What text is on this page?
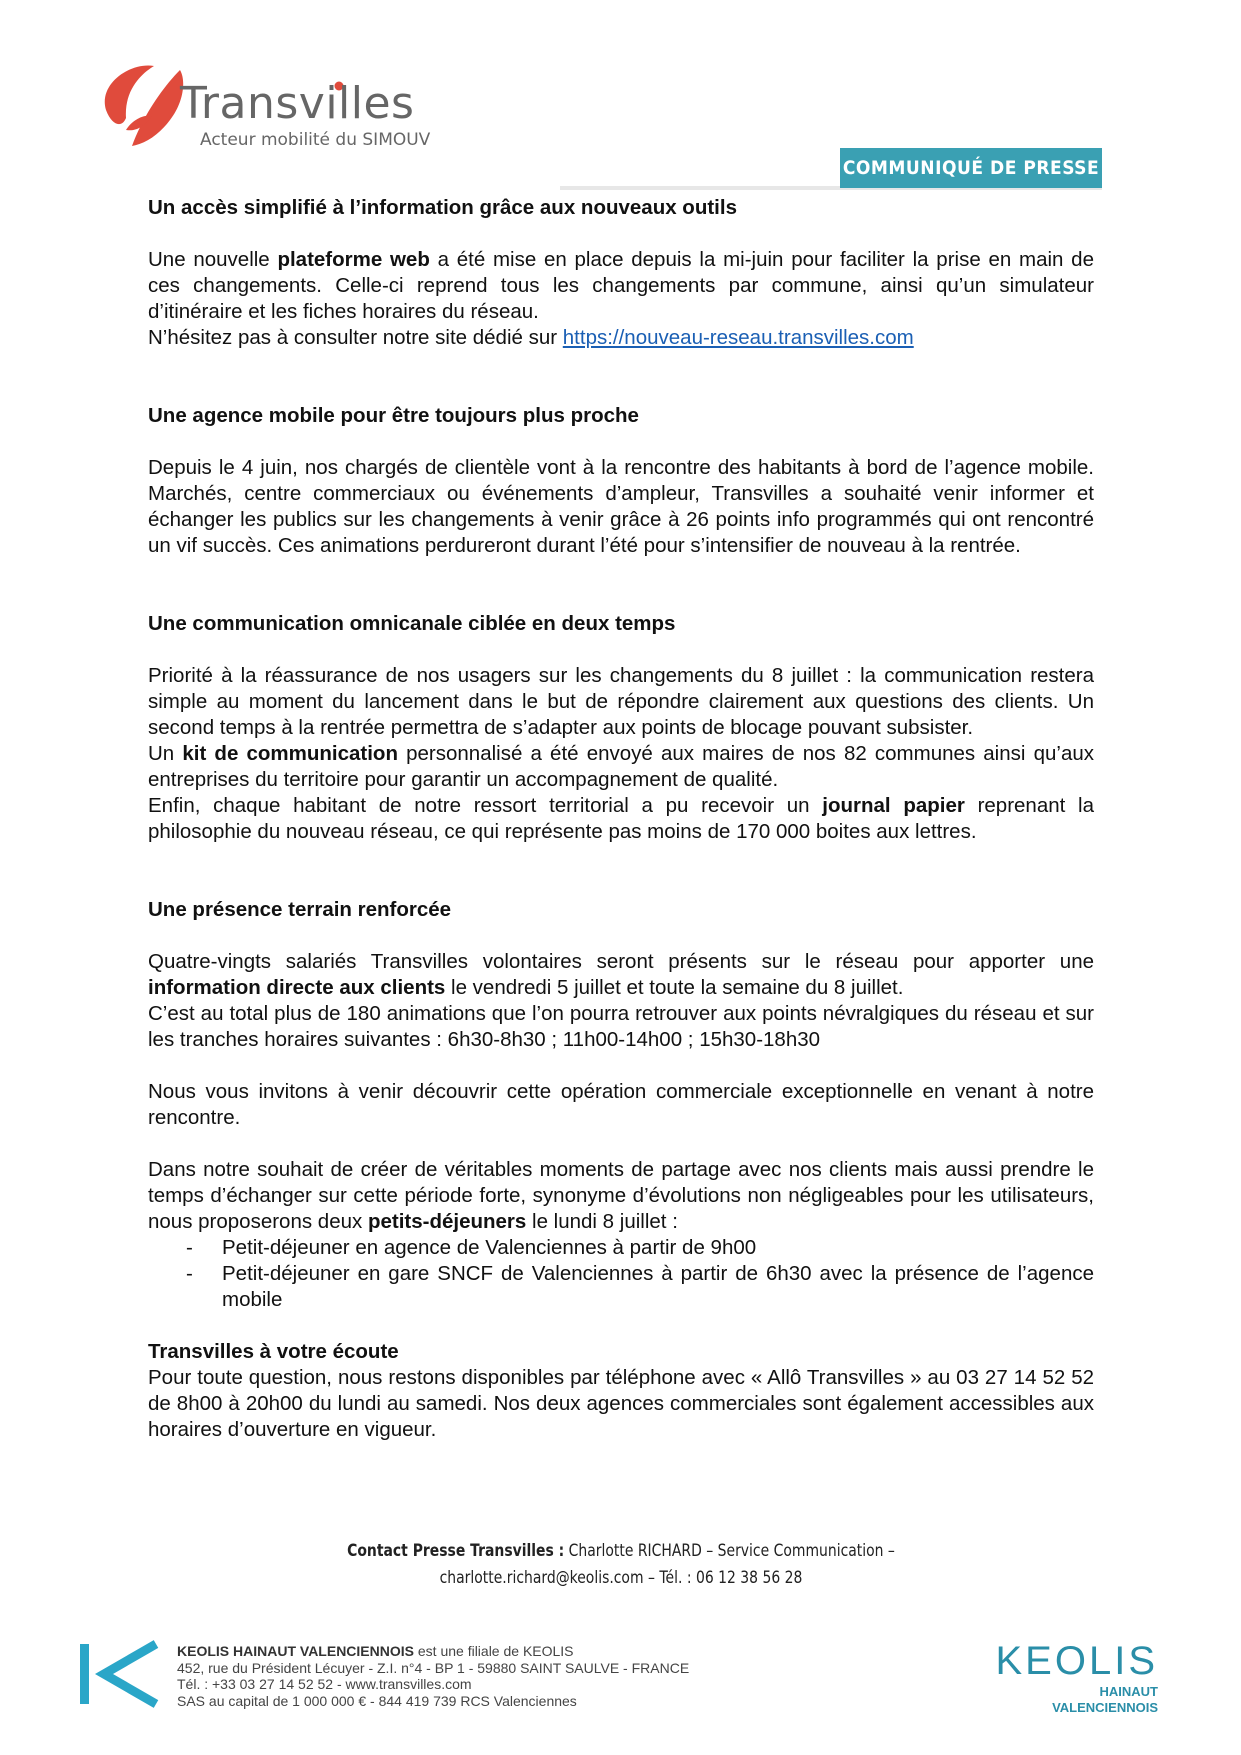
Transvilles
Acteur mobilité du SIMOUV
COMMUNIQUÉ DE PRESSE

Un accès simplifié à l’information grâce aux nouveaux outils

Une nouvelle plateforme web a été mise en place depuis la mi-juin pour faciliter la prise en main de ces changements. Celle-ci reprend tous les changements par commune, ainsi qu’un simulateur d’itinéraire et les fiches horaires du réseau.

N’hésitez pas à consulter notre site dédié sur https://nouveau-reseau.transvilles.com

Une agence mobile pour être toujours plus proche

Depuis le 4 juin, nos chargés de clientèle vont à la rencontre des habitants à bord de l’agence mobile. Marchés, centre commerciaux ou événements d’ampleur, Transvilles a souhaité venir informer et échanger les publics sur les changements à venir grâce à 26 points info programmés qui ont rencontré un vif succès. Ces animations perdureront durant l’été pour s’intensifier de nouveau à la rentrée.

Une communication omnicanale ciblée en deux temps

Priorité à la réassurance de nos usagers sur les changements du 8 juillet : la communication restera simple au moment du lancement dans le but de répondre clairement aux questions des clients. Un second temps à la rentrée permettra de s’adapter aux points de blocage pouvant subsister.

Un kit de communication personnalisé a été envoyé aux maires de nos 82 communes ainsi qu’aux entreprises du territoire pour garantir un accompagnement de qualité.

Enfin, chaque habitant de notre ressort territorial a pu recevoir un journal papier reprenant la philosophie du nouveau réseau, ce qui représente pas moins de 170 000 boites aux lettres.

Une présence terrain renforcée

Quatre-vingts salariés Transvilles volontaires seront présents sur le réseau pour apporter une information directe aux clients le vendredi 5 juillet et toute la semaine du 8 juillet.

C’est au total plus de 180 animations que l’on pourra retrouver aux points névralgiques du réseau et sur les tranches horaires suivantes : 6h30-8h30 ; 11h00-14h00 ; 15h30-18h30

Nous vous invitons à venir découvrir cette opération commerciale exceptionnelle en venant à notre rencontre.

Dans notre souhait de créer de véritables moments de partage avec nos clients mais aussi prendre le temps d’échanger sur cette période forte, synonyme d’évolutions non négligeables pour les utilisateurs, nous proposerons deux petits-déjeuners le lundi 8 juillet :

- Petit-déjeuner en agence de Valenciennes à partir de 9h00
- Petit-déjeuner en gare SNCF de Valenciennes à partir de 6h30 avec la présence de l’agence mobile

Transvilles à votre écoute

Pour toute question, nous restons disponibles par téléphone avec « Allô Transvilles » au 03 27 14 52 52 de 8h00 à 20h00 du lundi au samedi. Nos deux agences commerciales sont également accessibles aux horaires d’ouverture en vigueur.

Contact Presse Transvilles : Charlotte RICHARD – Service Communication –
charlotte.richard@keolis.com – Tél. : 06 12 38 56 28
KEOLIS HAINAUT VALENCIENNOIS est une filiale de KEOLIS
452, rue du Président Lécuyer - Z.I. n°4 - BP 1 - 59880 SAINT SAULVE - FRANCE
Tél. : +33 03 27 14 52 52 - www.transvilles.com
SAS au capital de 1 000 000 € - 844 419 739 RCS Valenciennes
KEOLIS
HAINAUT
VALENCIENNOIS
